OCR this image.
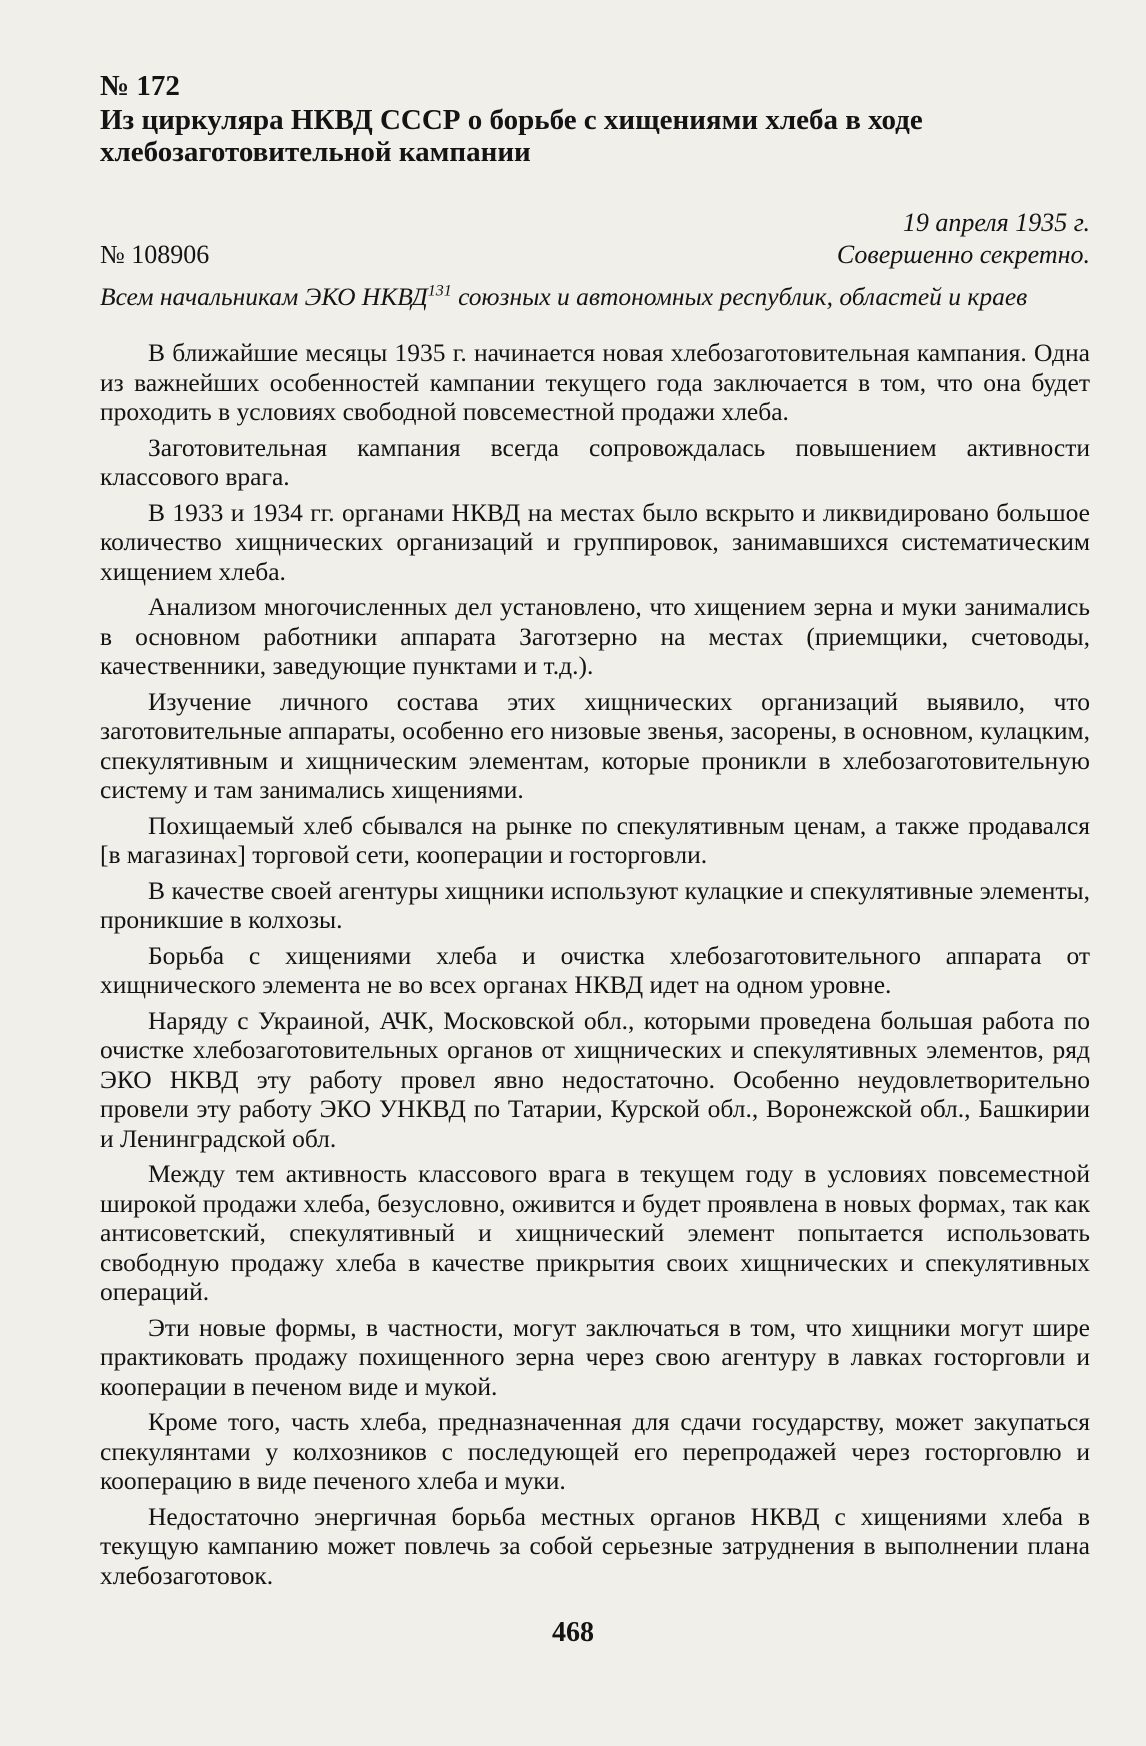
№ 172
Из циркуляра НКВД СССР о борьбе с хищениями хлеба в ходе хлебозаготовительной кампании
19 апреля 1935 г.
№ 108906	Совершенно секретно.
Всем начальникам ЭКО НКВД$^{131}$ союзных и автономных республик, областей и краев

В ближайшие месяцы 1935 г. начинается новая хлебозаготовительная кампания. Одна из важнейших особенностей кампании текущего года заключается в том, что она будет проходить в условиях свободной повсеместной продажи хлеба.

Заготовительная кампания всегда сопровождалась повышением активности классового врага.

В 1933 и 1934 гг. органами НКВД на местах было вскрыто и ликвидировано большое количество хищнических организаций и группировок, занимавшихся систематическим хищением хлеба.

Анализом многочисленных дел установлено, что хищением зерна и муки занимались в основном работники аппарата Заготзерно на местах (приемщики, счетоводы, качественники, заведующие пунктами и т.д.).

Изучение личного состава этих хищнических организаций выявило, что заготовительные аппараты, особенно его низовые звенья, засорены, в основном, кулацким, спекулятивным и хищническим элементам, которые проникли в хлебозаготовительную систему и там занимались хищениями.

Похищаемый хлеб сбывался на рынке по спекулятивным ценам, а также продавался [в магазинах] торговой сети, кооперации и госторговли.

В качестве своей агентуры хищники используют кулацкие и спекулятивные элементы, проникшие в колхозы.

Борьба с хищениями хлеба и очистка хлебозаготовительного аппарата от хищнического элемента не во всех органах НКВД идет на одном уровне.

Наряду с Украиной, АЧК, Московской обл., которыми проведена большая работа по очистке хлебозаготовительных органов от хищнических и спекулятивных элементов, ряд ЭКО НКВД эту работу провел явно недостаточно. Особенно неудовлетворительно провели эту работу ЭКО УНКВД по Татарии, Курской обл., Воронежской обл., Башкирии и Ленинградской обл.

Между тем активность классового врага в текущем году в условиях повсеместной широкой продажи хлеба, безусловно, оживится и будет проявлена в новых формах, так как антисоветский, спекулятивный и хищнический элемент попытается использовать свободную продажу хлеба в качестве прикрытия своих хищнических и спекулятивных операций.

Эти новые формы, в частности, могут заключаться в том, что хищники могут шире практиковать продажу похищенного зерна через свою агентуру в лавках госторговли и кооперации в печеном виде и мукой.

Кроме того, часть хлеба, предназначенная для сдачи государству, может закупаться спекулянтами у колхозников с последующей его перепродажей через госторговлю и кооперацию в виде печеного хлеба и муки.

Недостаточно энергичная борьба местных органов НКВД с хищениями хлеба в текущую кампанию может повлечь за собой серьезные затруднения в выполнении плана хлебозаготовок.

468
